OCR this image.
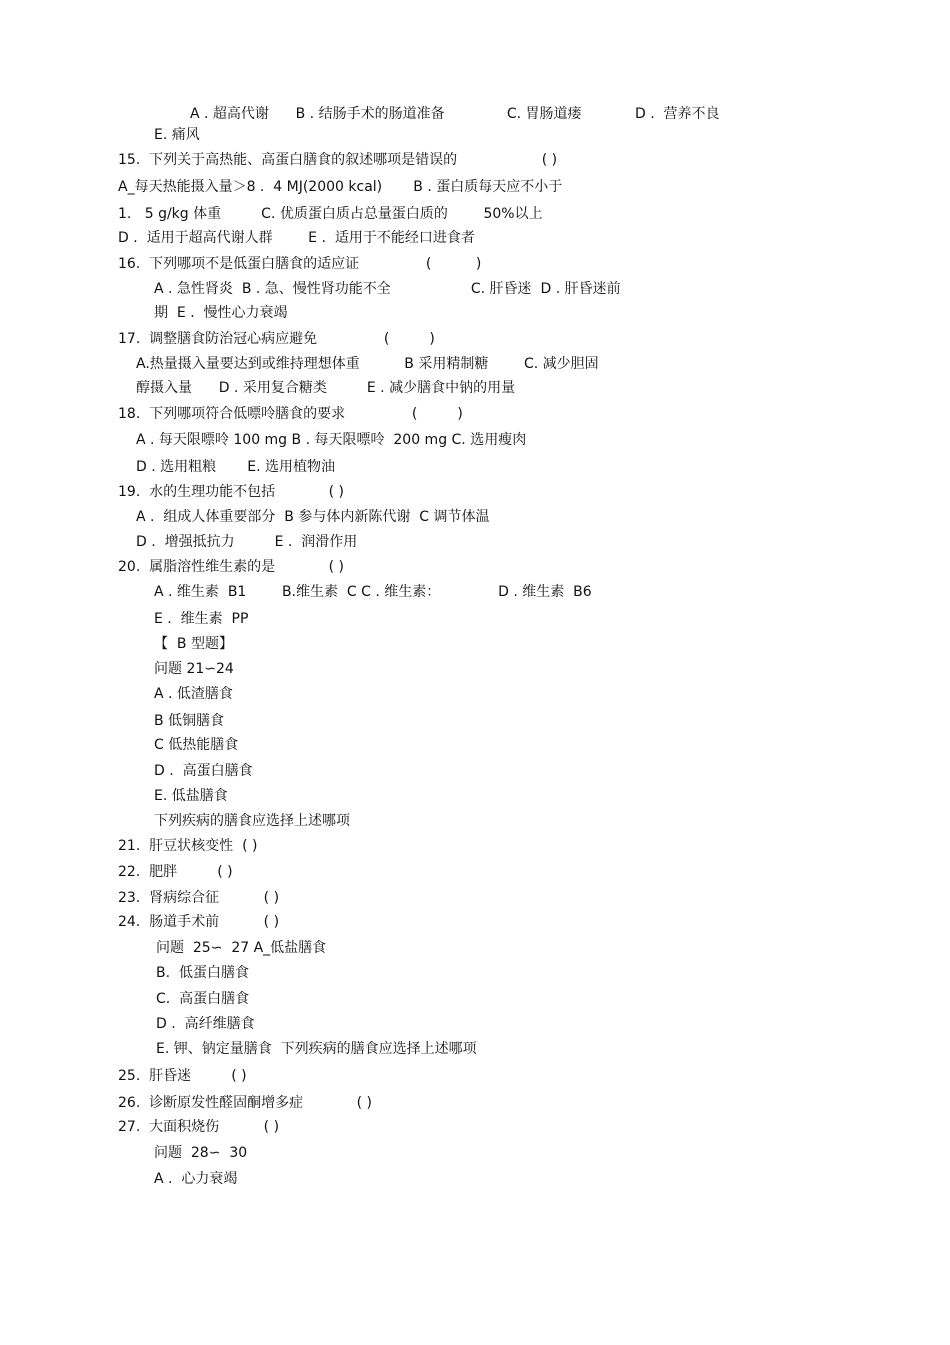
A . 超高代谢      B . 结肠手术的肠道准备              C. 胃肠道瘘            D .  营养不良
E. 痛风
15.  下列关于高热能、高蛋白膳食的叙述哪项是错误的                   ( )
A_每天热能摄入量＞8 .  4 MJ(2000 kcal)       B . 蛋白质每天应不小于
1.   5 g/kg 体重         C. 优质蛋白质占总量蛋白质的        50%以上
D .  适用于超高代谢人群        E .  适用于不能经口进食者
16.  下列哪项不是低蛋白膳食的适应证               (          )
A . 急性肾炎  B . 急、慢性肾功能不全                  C. 肝昏迷  D . 肝昏迷前
期  E .  慢性心力衰竭
17.  调整膳食防治冠心病应避免               (         )
A.热量摄入量要达到或维持理想体重          B 采用精制糖        C. 减少胆固
醇摄入量      D . 采用复合糖类         E . 减少膳食中钠的用量
18.  下列哪项符合低嘌呤膳食的要求               (         )
A . 每天限嘌呤 100 mg B . 每天限嘌呤  200 mg C. 选用瘦肉
D . 选用粗粮       E. 选用植物油
19.  水的生理功能不包括            ( )
A .  组成人体重要部分  B 参与体内新陈代谢  C 调节体温
D .  增强抵抗力         E .  润滑作用
20.  属脂溶性维生素的是            ( )
A . 维生素  B1        B.维生素  C C . 维生素：             D . 维生素  B6
E .  维生素  PP
【  B 型题】
问题 21∽24
A . 低渣膳食
B 低铜膳食
C 低热能膳食
D .  高蛋白膳食
E. 低盐膳食
下列疾病的膳食应选择上述哪项
21.  肝豆状核变性  ( )
22.  肥胖         ( )
23.  肾病综合征          ( )
24.  肠道手术前          ( )
问题  25∽  27 A_低盐膳食
B.  低蛋白膳食
C.  高蛋白膳食
D .  高纤维膳食
E. 钾、钠定量膳食  下列疾病的膳食应选择上述哪项
25.  肝昏迷         ( )
26.  诊断原发性醛固酮增多症            ( )
27.  大面积烧伤          ( )
问题  28∽  30
A .  心力衰竭
